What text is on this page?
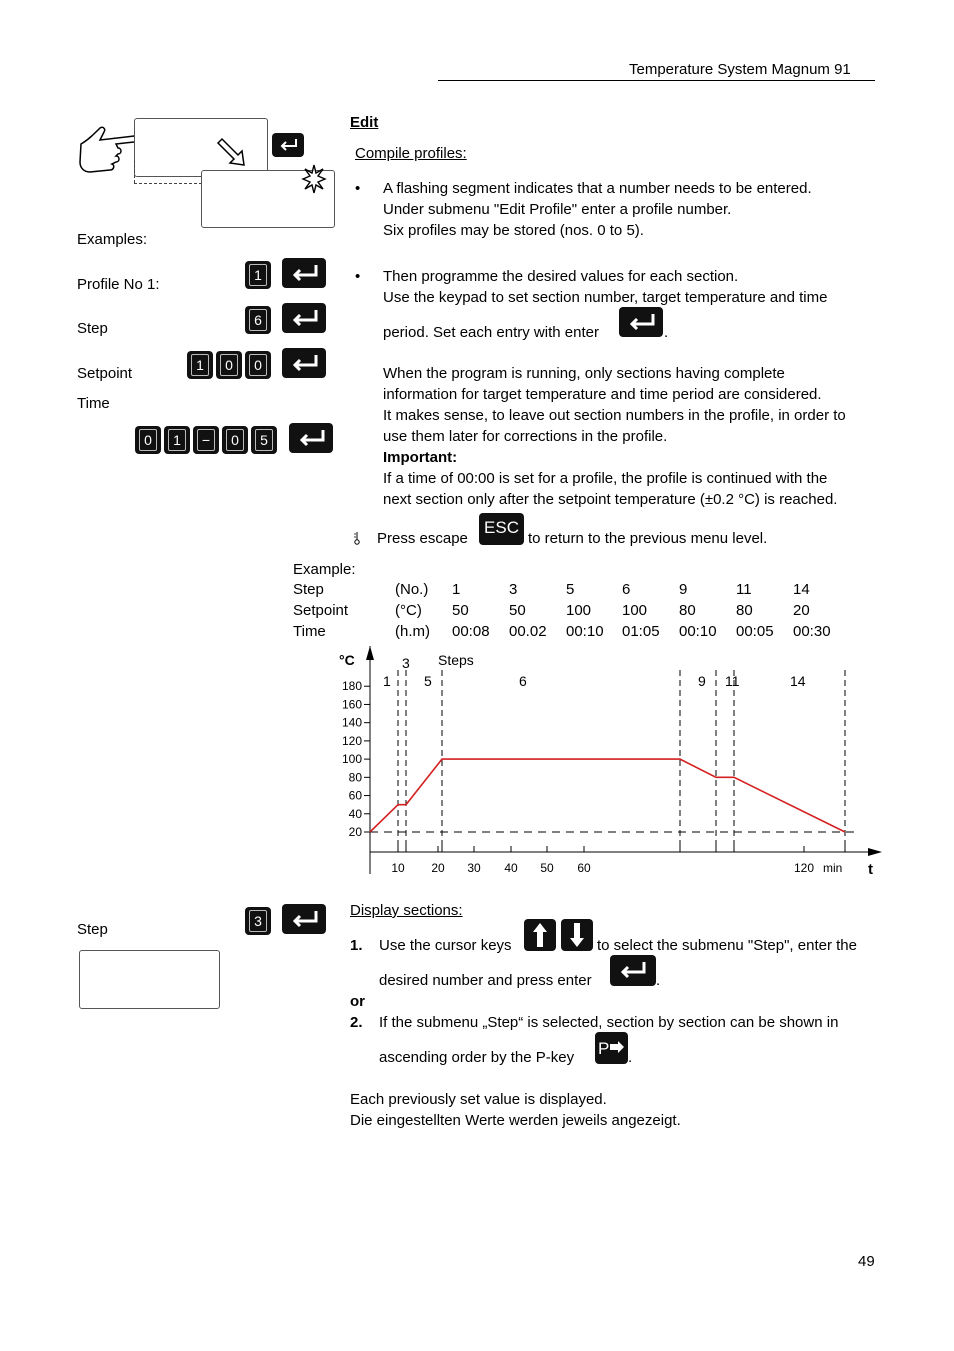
Temperature System Magnum 91
Examples:
Profile No 1:
1
Step	6
Setpoint	1	0	0
Time
0	1	−	0	5
Edit
Compile profiles:
• A flashing segment indicates that a number needs to be entered.
Under submenu "Edit Profile" enter a profile number.
Six profiles may be stored (nos. 0 to 5).
• Then programme the desired values for each section.
Use the keypad to set section number, target temperature and time
period. Set each entry with enter	.
When the program is running, only sections having complete
information for target temperature and time period are considered.
It makes sense, to leave out section numbers in the profile, in order to
use them later for corrections in the profile.
Important:
If a time of 00:00 is set for a profile, the profile is continued with the
next section only after the setpoint temperature (±0.2 °C) is reached.
Press escape
ESC
to return to the previous menu level.
Example:
Step	(No.) 1	3	5	6	9	11	14
Setpoint	(°C) 50	50	100 100 80	80	20
Time	(h.m) 00:08 00.02 00:10 01:05 00:10 00:05 00:30
°C
t
Steps
20
40
60
80
100
120
140
160
180
10 20 30 40 50 60	120 min
1
3
5	6	9 11	14
Step	3
Display sections:
1. Use the cursor keys	to select the submenu "Step", enter the
desired number and press enter	.
or
2. If the submenu „Step“ is selected, section by section can be shown in
ascending order by the P-key P .
Each previously set value is displayed.
Die eingestellten Werte werden jeweils angezeigt.
49
